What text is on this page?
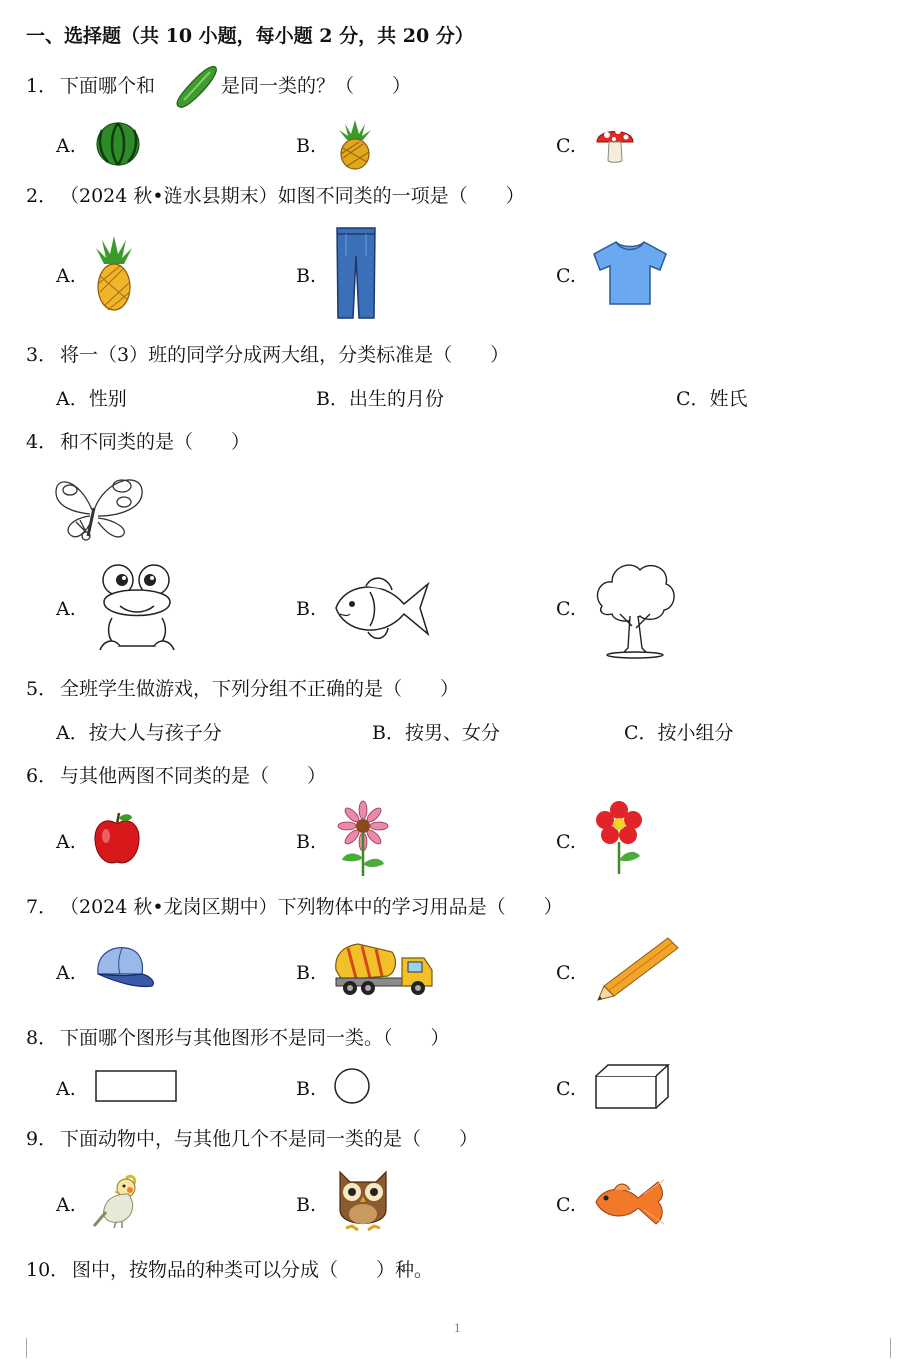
一、选择题（共 10 小题，每小题 2 分，共 20 分）
1． 下面哪个和	是同一类的？（　　）
A.	B.	C.
2． （2024 秋•涟水县期末）如图不同类的一项是（　　）
A.	B.	C.
3． 将一（3）班的同学分成两大组，分类标准是（　　）
A．性别	B．出生的月份	C．姓氏
4． 和不同类的是（　　）
A.	B.	C.
5． 全班学生做游戏，下列分组不正确的是（　　）
A．按大人与孩子分	B．按男、女分	C．按小组分
6． 与其他两图不同类的是（　　）
A.	B.	C.
7． （2024 秋•龙岗区期中）下列物体中的学习用品是（　　）
A.	B.	C.
8． 下面哪个图形与其他图形不是同一类。（　　）
A.	B.	C.
9． 下面动物中，与其他几个不是同一类的是（　　）
A.	B.	C.
10． 图中，按物品的种类可以分成（　　）种。
1
